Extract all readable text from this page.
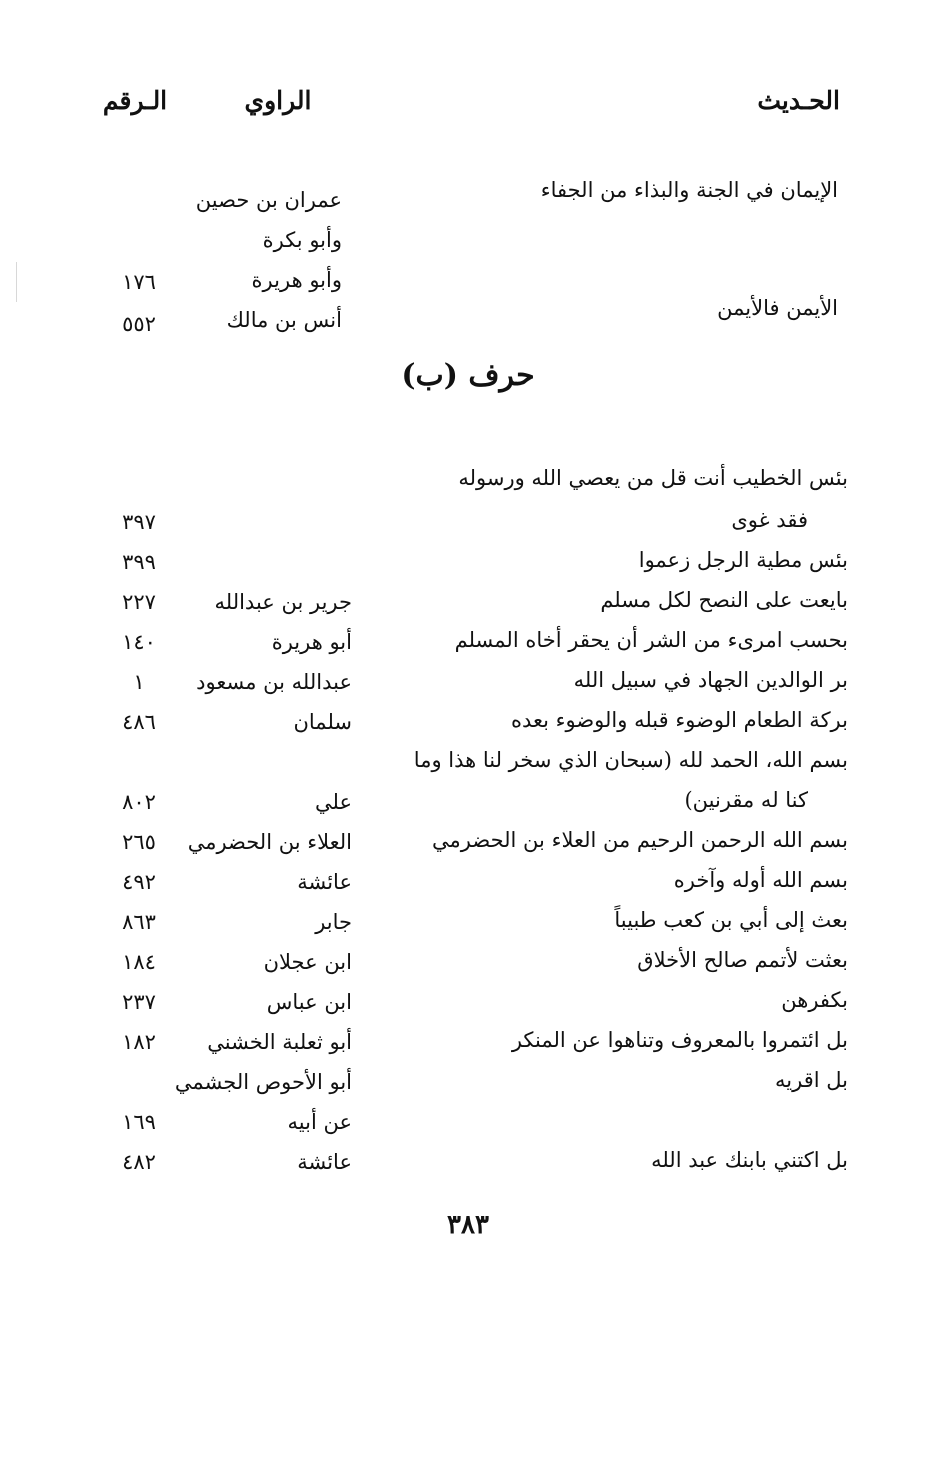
الحـديث
الراوي
الـرقم
الإيمان في الجنة والبذاء من الجفاء
عمران بن حصين
وأبو بكرة
وأبو هريرة
١٧٦
الأيمن فالأيمن
أنس بن مالك
٥٥٢
حرف (ب)
بئس الخطيب أنت قل من يعصي الله ورسوله
فقد غوى
٣٩٧
بئس مطية الرجل زعموا
٣٩٩
بايعت على النصح لكل مسلم
جرير بن عبدالله
٢٢٧
بحسب امرىء من الشر أن يحقر أخاه المسلم
أبو هريرة
١٤٠
بر الوالدين الجهاد في سبيل الله
عبدالله بن مسعود
١
بركة الطعام الوضوء قبله والوضوء بعده
سلمان
٤٨٦
بسم الله، الحمد لله (سبحان الذي سخر لنا هذا وما
كنا له مقرنين)
علي
٨٠٢
بسم الله الرحمن الرحيم من العلاء بن الحضرمي
العلاء بن الحضرمي
٢٦٥
بسم الله أوله وآخره
عائشة
٤٩٢
بعث إلى أبي بن كعب طبيباً
جابر
٨٦٣
بعثت لأتمم صالح الأخلاق
ابن عجلان
١٨٤
بكفرهن
ابن عباس
٢٣٧
بل ائتمروا بالمعروف وتناهوا عن المنكر
أبو ثعلبة الخشني
١٨٢
بل اقريه
أبو الأحوص الجشمي
عن أبيه
١٦٩
بل اكتني بابنك عبد الله
عائشة
٤٨٢
٣٨٣
